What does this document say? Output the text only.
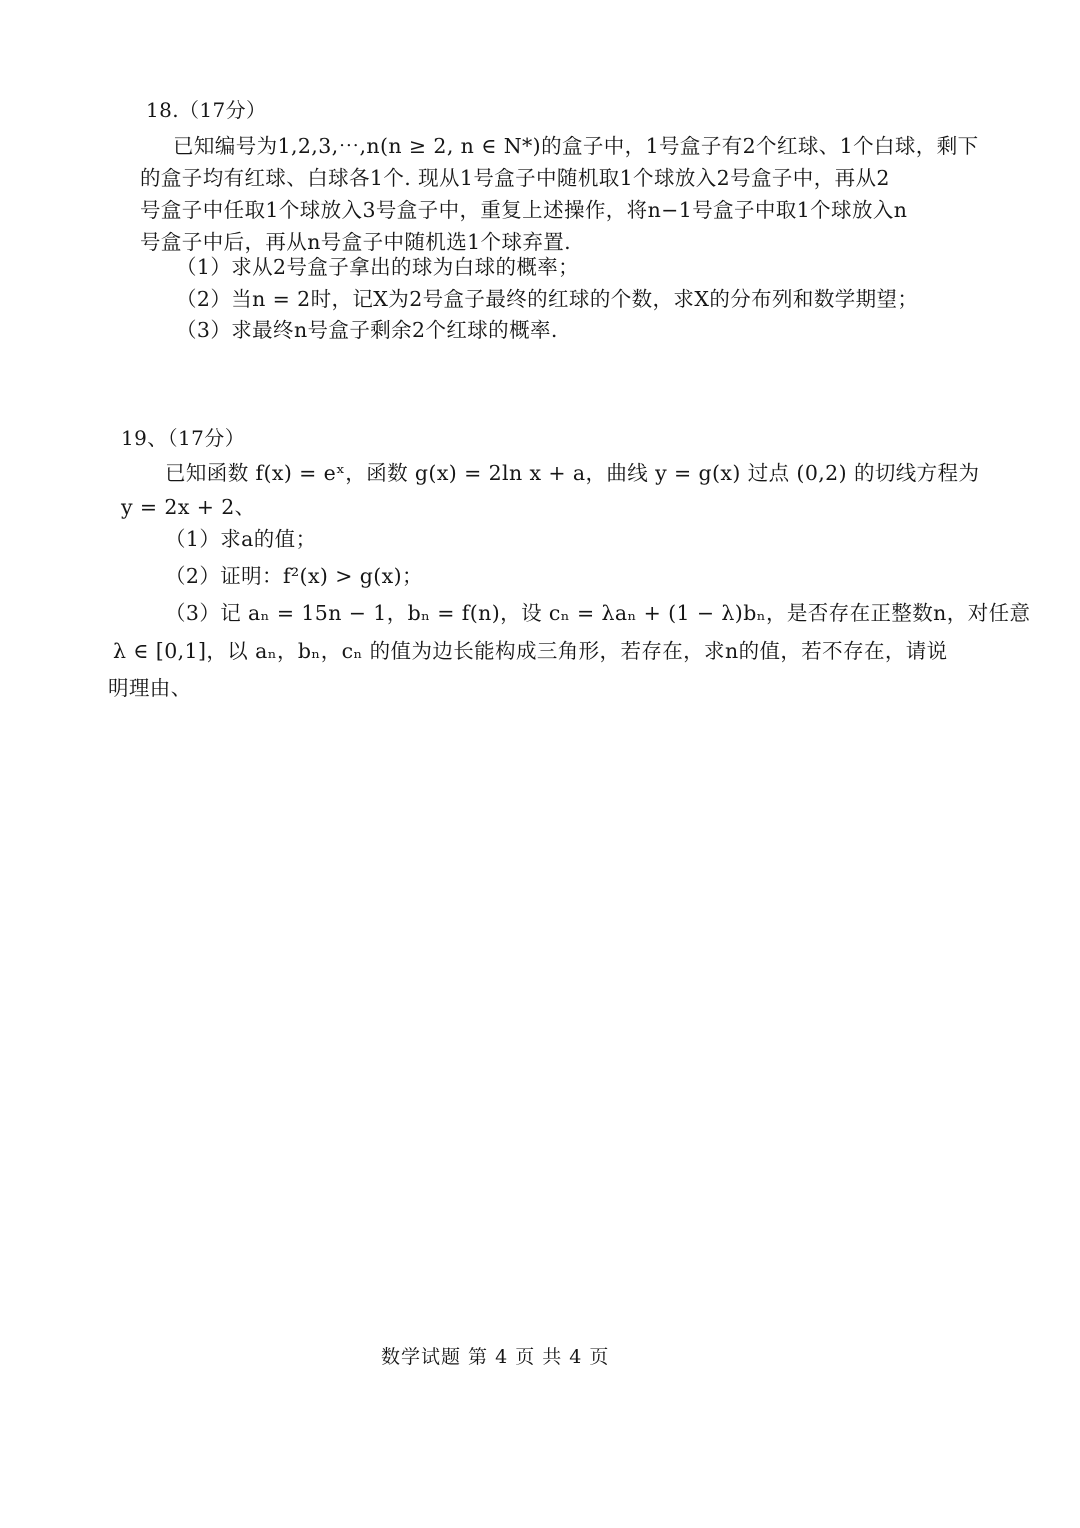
18.（17分）
已知编号为1,2,3,⋯,n(n ≥ 2, n ∈ N*)的盒子中，1号盒子有2个红球、1个白球，剩下
的盒子均有红球、白球各1个. 现从1号盒子中随机取1个球放入2号盒子中，再从2
号盒子中任取1个球放入3号盒子中，重复上述操作，将n−1号盒子中取1个球放入n
号盒子中后，再从n号盒子中随机选1个球弃置.
（1）求从2号盒子拿出的球为白球的概率；
（2）当n = 2时，记X为2号盒子最终的红球的个数，求X的分布列和数学期望；
（3）求最终n号盒子剩余2个红球的概率.
19、（17分）
已知函数 f(x) = eˣ，函数 g(x) = 2ln x + a，曲线 y = g(x) 过点 (0,2) 的切线方程为
y = 2x + 2、
（1）求a的值；
（2）证明：f²(x) > g(x)；
（3）记 aₙ = 15n − 1，bₙ = f(n)，设 cₙ = λaₙ + (1 − λ)bₙ，是否存在正整数n，对任意
λ ∈ [0,1]，以 aₙ，bₙ，cₙ 的值为边长能构成三角形，若存在，求n的值，若不存在，请说
明理由、
数学试题 第 4 页 共 4 页
